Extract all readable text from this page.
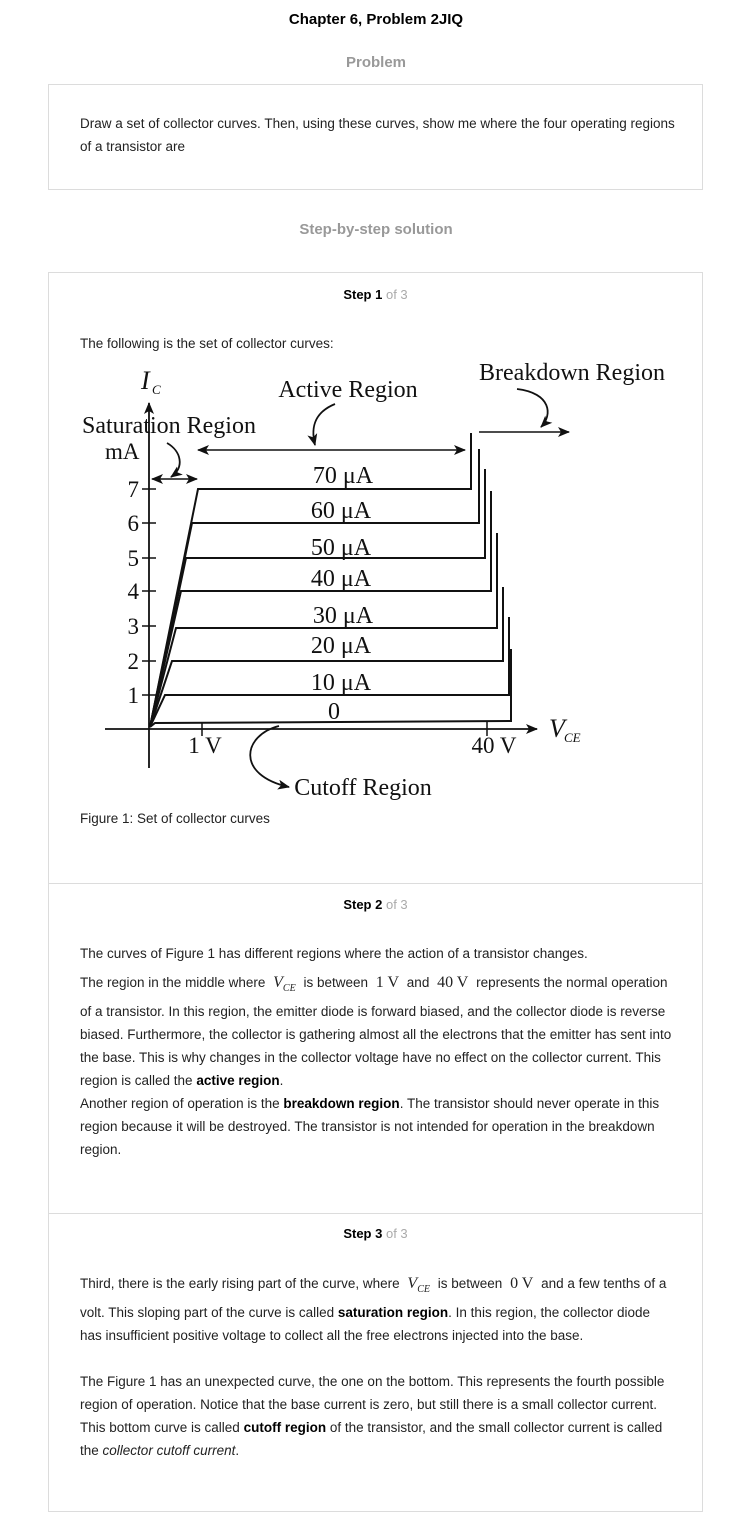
Chapter 6, Problem 2JIQ
Problem

Draw a set of collector curves. Then, using these curves, show me where the four operating regions of a transistor are

Step-by-step solution
Step 1 of 3

The following is the set of collector curves:

I C
mA
1
2
3
4
5
6
7
1 V	40 V
V CE
70 μA
60 μA
50 μA
40 μA
30 μA
20 μA
10 μA
0
Saturation Region
Active Region
Breakdown Region
Cutoff Region

Figure 1: Set of collector curves

Step 2 of 3

The curves of Figure 1 has different regions where the action of a transistor changes.

The region in the middle where $V_{CE}$ is between 1 V and 40 V represents the normal operation of a transistor. In this region, the emitter diode is forward biased, and the collector diode is reverse biased. Furthermore, the collector is gathering almost all the electrons that the emitter has sent into the base. This is why changes in the collector voltage have no effect on the collector current. This region is called the active region.

Another region of operation is the breakdown region. The transistor should never operate in this region because it will be destroyed. The transistor is not intended for operation in the breakdown region.

Step 3 of 3

Third, there is the early rising part of the curve, where $V_{CE}$ is between 0 V and a few tenths of a volt. This sloping part of the curve is called saturation region. In this region, the collector diode has insufficient positive voltage to collect all the free electrons injected into the base.

The Figure 1 has an unexpected curve, the one on the bottom. This represents the fourth possible region of operation. Notice that the base current is zero, but still there is a small collector current. This bottom curve is called cutoff region of the transistor, and the small collector current is called the collector cutoff current.
